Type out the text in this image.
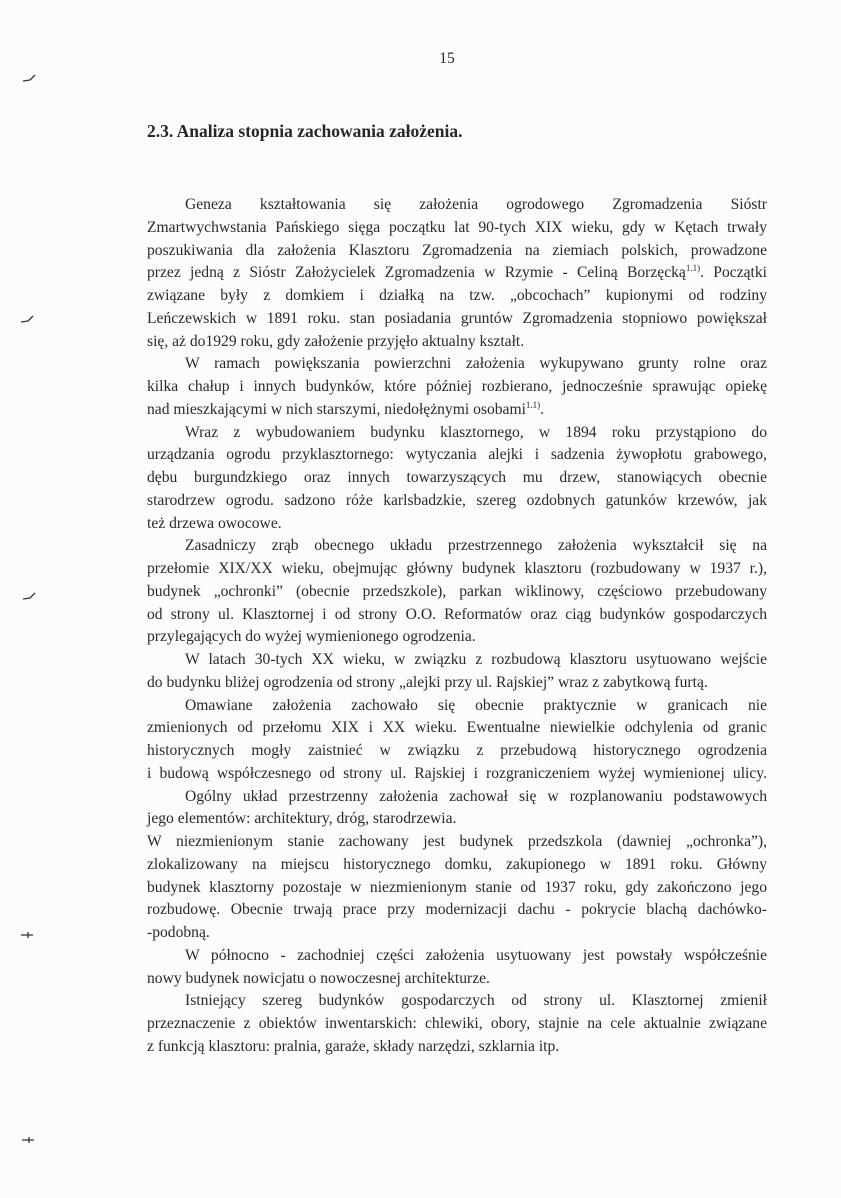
15
2.3. Analiza stopnia zachowania założenia.
Geneza kształtowania się założenia ogrodowego Zgromadzenia Sióstr
Zmartwychwstania Pańskiego sięga początku lat 90-tych XIX wieku, gdy w Kętach trwały
poszukiwania dla założenia Klasztoru Zgromadzenia na ziemiach polskich, prowadzone
przez jedną z Sióstr Założycielek Zgromadzenia w Rzymie - Celiną Borzęcką$^{1.1)}$. Początki
związane były z domkiem i działką na tzw. „obcochach” kupionymi od rodziny
Leńczewskich w 1891 roku. stan posiadania gruntów Zgromadzenia stopniowo powiększał
się, aż do1929 roku, gdy założenie przyjęło aktualny kształt.
W ramach powiększania powierzchni założenia wykupywano grunty rolne oraz
kilka chałup i innych budynków, które później rozbierano, jednocześnie sprawując opiekę
nad mieszkającymi w nich starszymi, niedołężnymi osobami$^{1.1)}$.
Wraz z wybudowaniem budynku klasztornego, w 1894 roku przystąpiono do
urządzania ogrodu przyklasztornego: wytyczania alejki i sadzenia żywopłotu grabowego,
dębu burgundzkiego oraz innych towarzyszących mu drzew, stanowiących obecnie
starodrzew ogrodu. sadzono róże karlsbadzkie, szereg ozdobnych gatunków krzewów, jak
też drzewa owocowe.
Zasadniczy zrąb obecnego układu przestrzennego założenia wykształcił się na
przełomie XIX/XX wieku, obejmując główny budynek klasztoru (rozbudowany w 1937 r.),
budynek „ochronki” (obecnie przedszkole), parkan wiklinowy, częściowo przebudowany
od strony ul. Klasztornej i od strony O.O. Reformatów oraz ciąg budynków gospodarczych
przylegających do wyżej wymienionego ogrodzenia.
W latach 30-tych XX wieku, w związku z rozbudową klasztoru usytuowano wejście
do budynku bliżej ogrodzenia od strony „alejki przy ul. Rajskiej” wraz z zabytkową furtą.
Omawiane założenia zachowało się obecnie praktycznie w granicach nie
zmienionych od przełomu XIX i XX wieku. Ewentualne niewielkie odchylenia od granic
historycznych mogły zaistnieć w związku z przebudową historycznego ogrodzenia
i budową współczesnego od strony ul. Rajskiej i rozgraniczeniem wyżej wymienionej ulicy.
Ogólny układ przestrzenny założenia zachował się w rozplanowaniu podstawowych
jego elementów: architektury, dróg, starodrzewia.
W niezmienionym stanie zachowany jest budynek przedszkola (dawniej „ochronka”),
zlokalizowany na miejscu historycznego domku, zakupionego w 1891 roku. Główny
budynek klasztorny pozostaje w niezmienionym stanie od 1937 roku, gdy zakończono jego
rozbudowę. Obecnie trwają prace przy modernizacji dachu - pokrycie blachą dachówko-
-podobną.
W północno - zachodniej części założenia usytuowany jest powstały współcześnie
nowy budynek nowicjatu o nowoczesnej architekturze.
Istniejący szereg budynków gospodarczych od strony ul. Klasztornej zmienił
przeznaczenie z obiektów inwentarskich: chlewiki, obory, stajnie na cele aktualnie związane
z funkcją klasztoru: pralnia, garaże, składy narzędzi, szklarnia itp.
